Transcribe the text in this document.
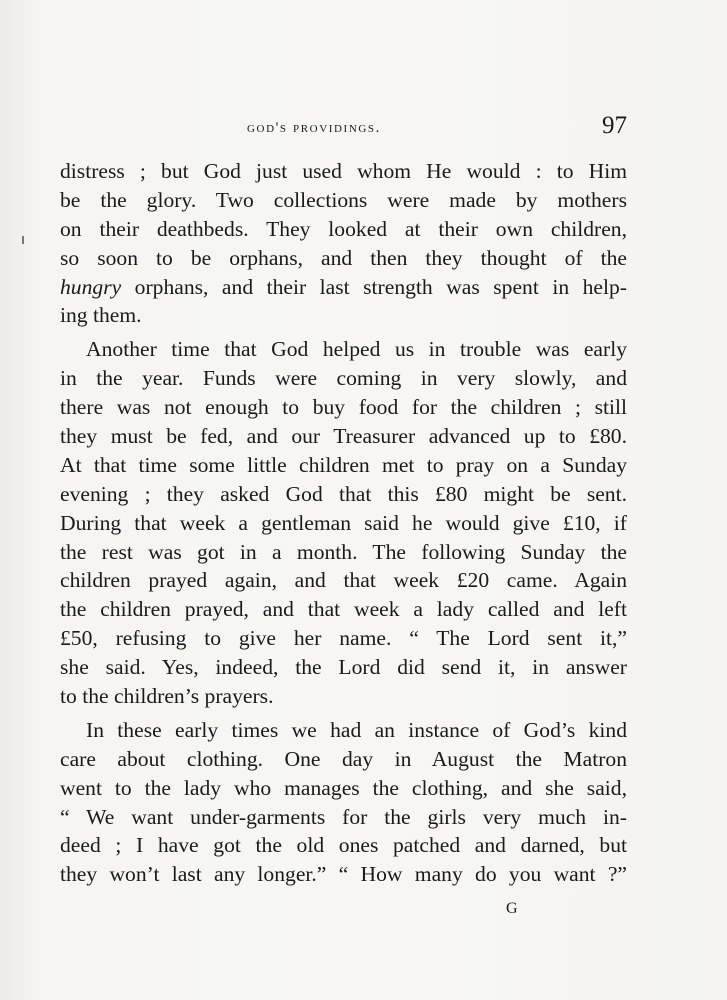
god's providings.	97
distress ; but God just used whom He would : to Him
be the glory. Two collections were made by mothers
on their deathbeds. They looked at their own children,
so soon to be orphans, and then they thought of the
hungry orphans, and their last strength was spent in help-
ing them.
Another time that God helped us in trouble was early
in the year. Funds were coming in very slowly, and
there was not enough to buy food for the children ; still
they must be fed, and our Treasurer advanced up to £80.
At that time some little children met to pray on a Sunday
evening ; they asked God that this £80 might be sent.
During that week a gentleman said he would give £10, if
the rest was got in a month. The following Sunday the
children prayed again, and that week £20 came. Again
the children prayed, and that week a lady called and left
£50, refusing to give her name. “ The Lord sent it,”
she said. Yes, indeed, the Lord did send it, in answer
to the children’s prayers.
In these early times we had an instance of God’s kind
care about clothing. One day in August the Matron
went to the lady who manages the clothing, and she said,
“ We want under-garments for the girls very much in-
deed ; I have got the old ones patched and darned, but
they won’t last any longer.” “ How many do you want ?”
G
